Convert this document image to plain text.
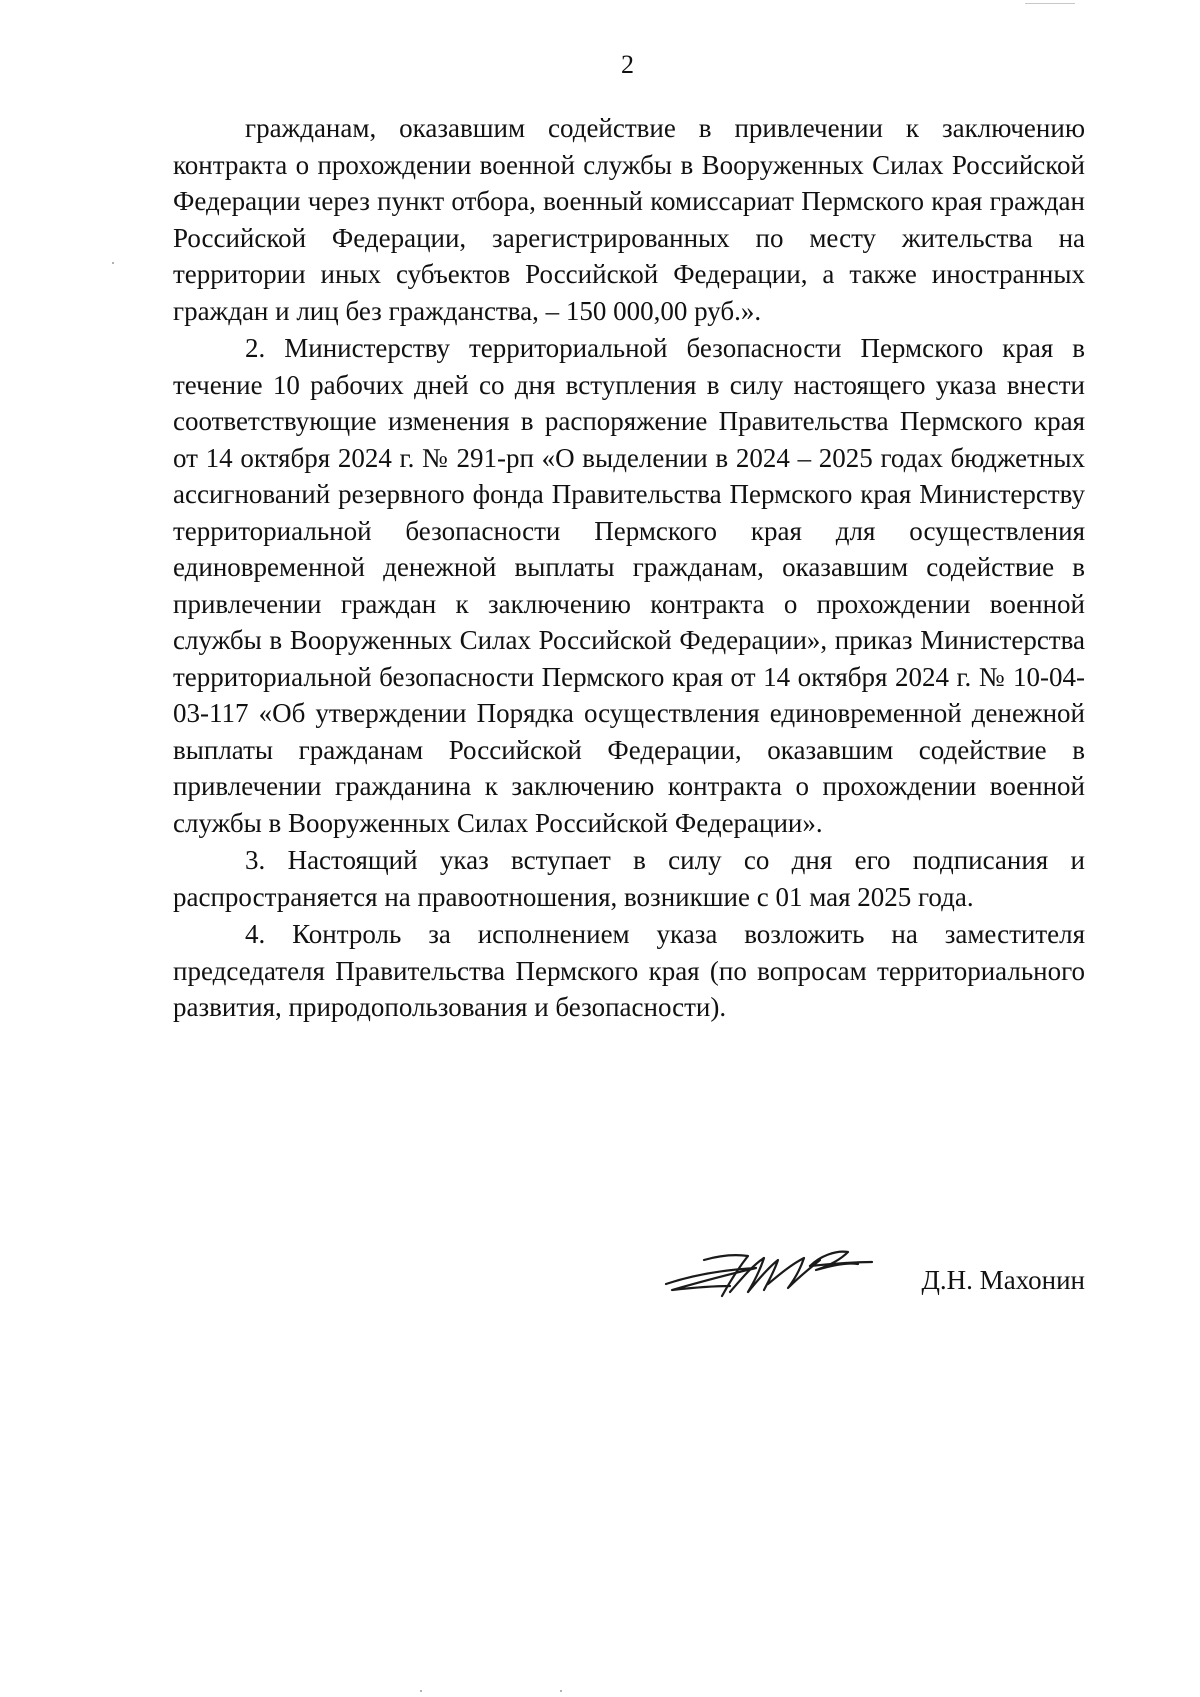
2

гражданам, оказавшим содействие в привлечении к заключению контракта о прохождении военной службы в Вооруженных Силах Российской Федерации через пункт отбора, военный комиссариат Пермского края граждан Российской Федерации, зарегистрированных по месту жительства на территории иных субъектов Российской Федерации, а также иностранных граждан и лиц без гражданства, – 150 000,00 руб.».

2. Министерству территориальной безопасности Пермского края в течение 10 рабочих дней со дня вступления в силу настоящего указа внести соответствующие изменения в распоряжение Правительства Пермского края от 14 октября 2024 г. № 291-рп «О выделении в 2024 – 2025 годах бюджетных ассигнований резервного фонда Правительства Пермского края Министерству территориальной безопасности Пермского края для осуществления единовременной денежной выплаты гражданам, оказавшим содействие в привлечении граждан к заключению контракта о прохождении военной службы в Вооруженных Силах Российской Федерации», приказ Министерства территориальной безопасности Пермского края от 14 октября 2024 г. № 10-04-03-117 «Об утверждении Порядка осуществления единовременной денежной выплаты гражданам Российской Федерации, оказавшим содействие в привлечении гражданина к заключению контракта о прохождении военной службы в Вооруженных Силах Российской Федерации».

3. Настоящий указ вступает в силу со дня его подписания и распространяется на правоотношения, возникшие с 01 мая 2025 года.

4. Контроль за исполнением указа возложить на заместителя председателя Правительства Пермского края (по вопросам территориального развития, природопользования и безопасности).

Д.Н. Махонин
